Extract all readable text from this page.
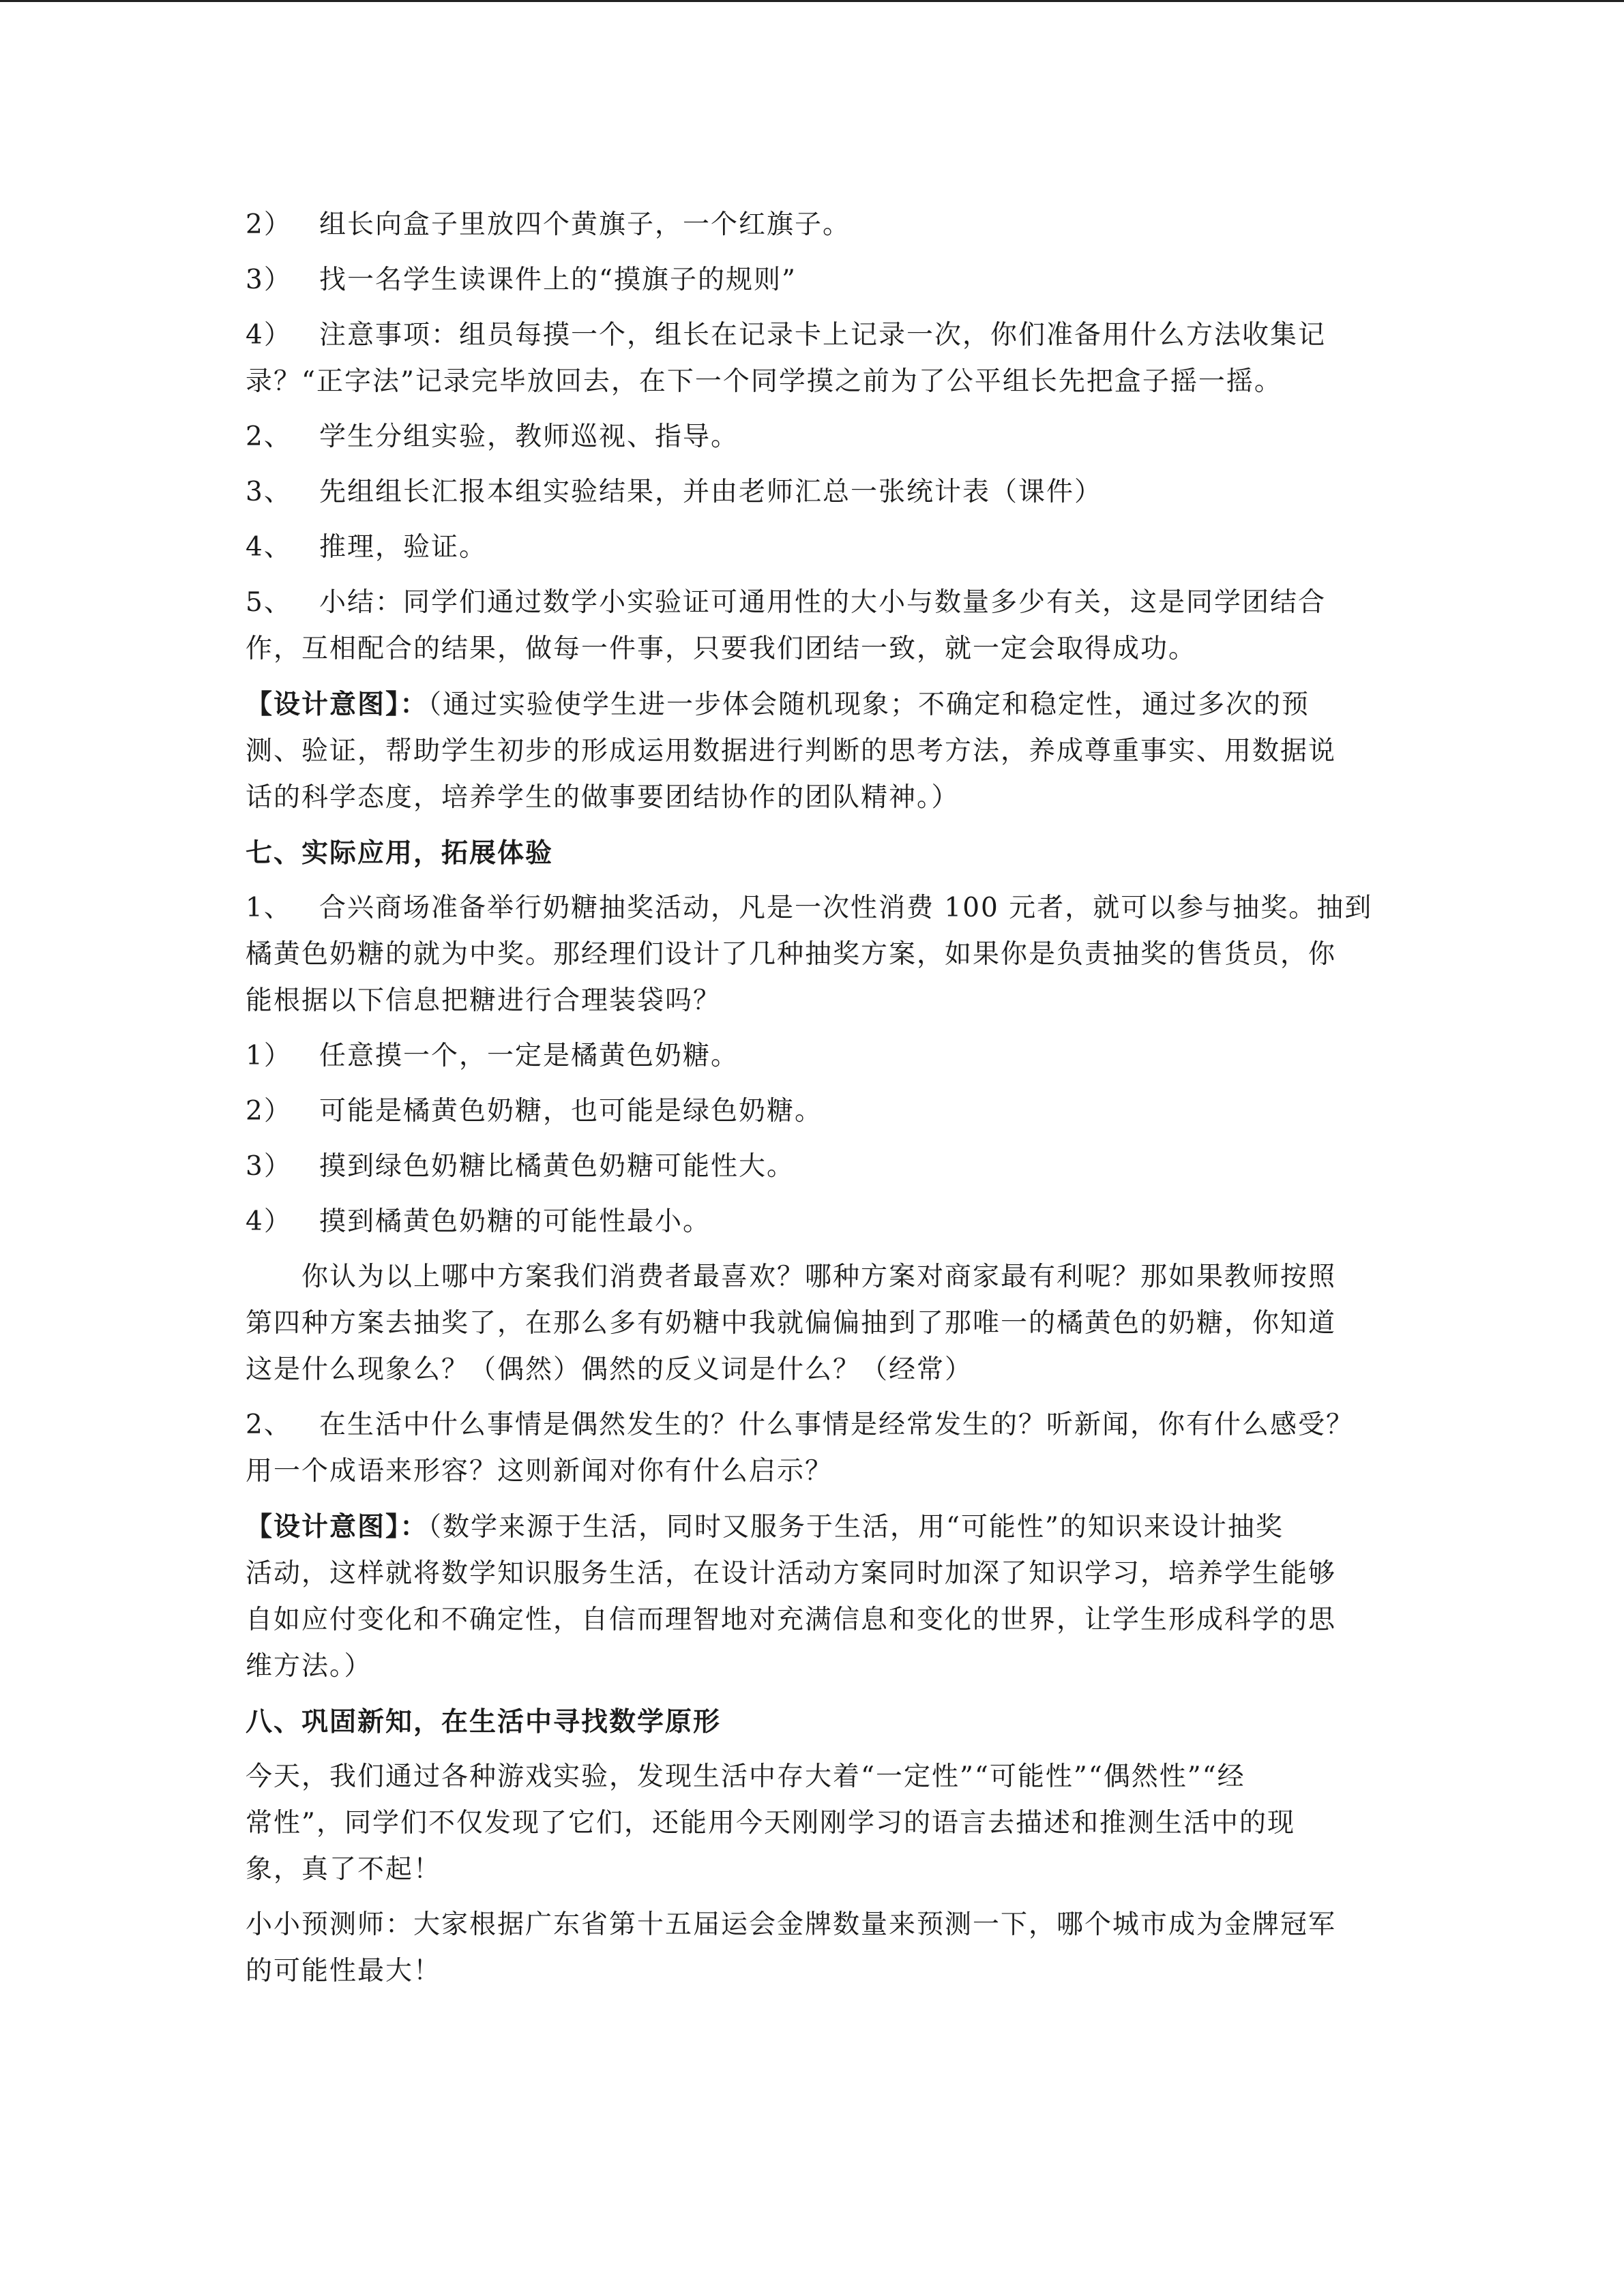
2） 组长向盒子里放四个黄旗子，一个红旗子。

3） 找一名学生读课件上的“摸旗子的规则”

4） 注意事项：组员每摸一个，组长在记录卡上记录一次，你们准备用什么方法收集记

录？“正字法”记录完毕放回去，在下一个同学摸之前为了公平组长先把盒子摇一摇。

2、 学生分组实验，教师巡视、指导。

3、 先组组长汇报本组实验结果，并由老师汇总一张统计表（课件）

4、 推理，验证。

5、 小结：同学们通过数学小实验证可通用性的大小与数量多少有关，这是同学团结合

作，互相配合的结果，做每一件事，只要我们团结一致，就一定会取得成功。

【设计意图】：（通过实验使学生进一步体会随机现象；不确定和稳定性，通过多次的预

测、验证，帮助学生初步的形成运用数据进行判断的思考方法，养成尊重事实、用数据说

话的科学态度，培养学生的做事要团结协作的团队精神。）

七、实际应用，拓展体验

1、 合兴商场准备举行奶糖抽奖活动，凡是一次性消费 100 元者，就可以参与抽奖。抽到

橘黄色奶糖的就为中奖。那经理们设计了几种抽奖方案，如果你是负责抽奖的售货员，你

能根据以下信息把糖进行合理装袋吗？

1） 任意摸一个，一定是橘黄色奶糖。

2） 可能是橘黄色奶糖，也可能是绿色奶糖。

3） 摸到绿色奶糖比橘黄色奶糖可能性大。

4） 摸到橘黄色奶糖的可能性最小。

你认为以上哪中方案我们消费者最喜欢？哪种方案对商家最有利呢？那如果教师按照

第四种方案去抽奖了，在那么多有奶糖中我就偏偏抽到了那唯一的橘黄色的奶糖，你知道

这是什么现象么？（偶然）偶然的反义词是什么？（经常）

2、 在生活中什么事情是偶然发生的？什么事情是经常发生的？听新闻，你有什么感受？

用一个成语来形容？这则新闻对你有什么启示？

【设计意图】：（数学来源于生活，同时又服务于生活，用“可能性”的知识来设计抽奖

活动，这样就将数学知识服务生活，在设计活动方案同时加深了知识学习，培养学生能够

自如应付变化和不确定性，自信而理智地对充满信息和变化的世界，让学生形成科学的思

维方法。）

八、巩固新知，在生活中寻找数学原形

今天，我们通过各种游戏实验，发现生活中存大着“一定性”“可能性”“偶然性”“经

常性”，同学们不仅发现了它们，还能用今天刚刚学习的语言去描述和推测生活中的现

象，真了不起！

小小预测师：大家根据广东省第十五届运会金牌数量来预测一下，哪个城市成为金牌冠军

的可能性最大！
